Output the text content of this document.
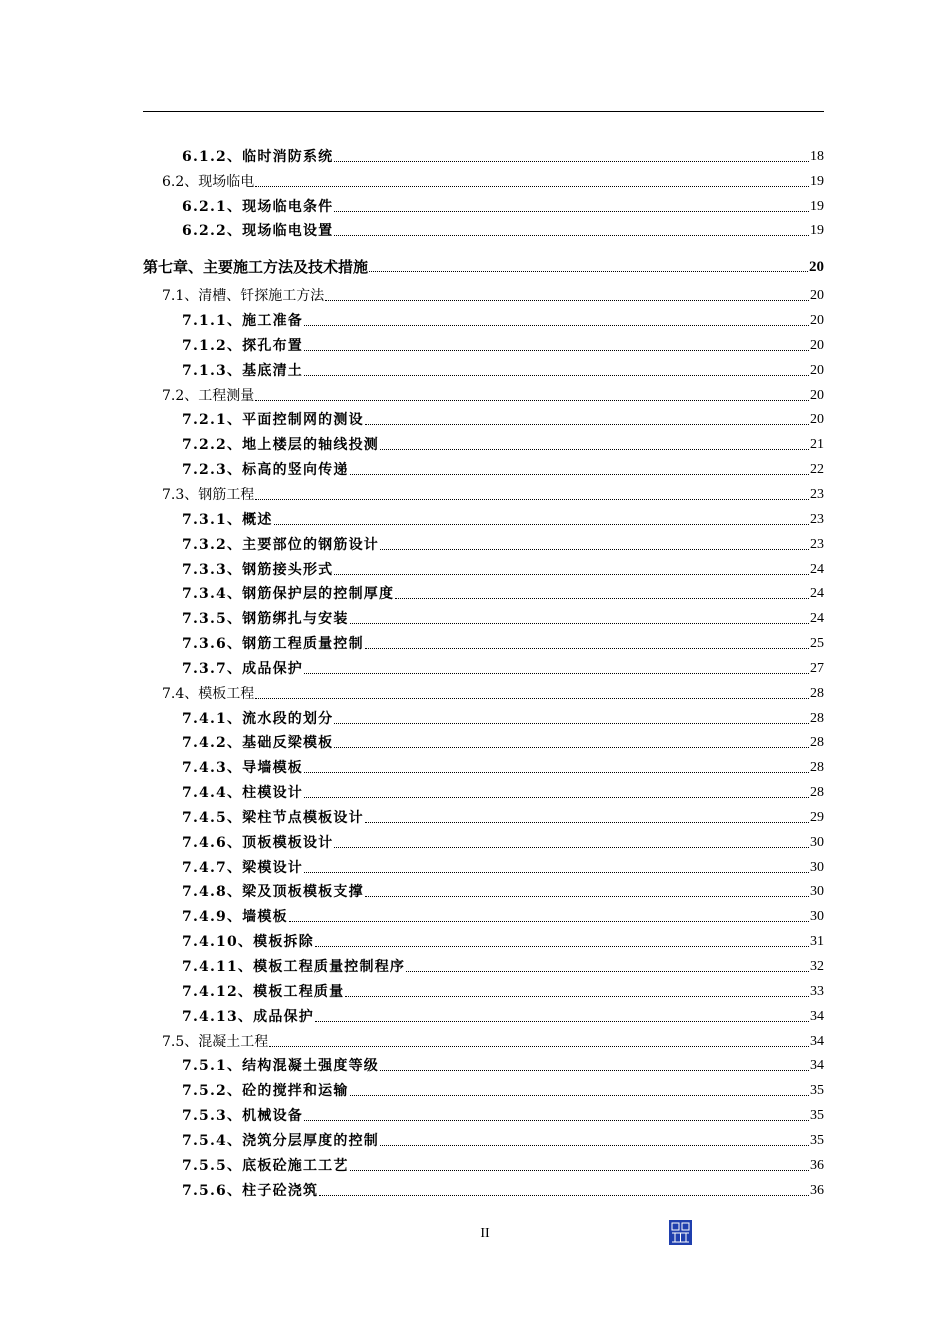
6.1.2、临时消防系统	18
6.2、现场临电	19
6.2.1、现场临电条件	19
6.2.2、现场临电设置	19
第七章、主要施工方法及技术措施	20
7.1、清槽、钎探施工方法	20
7.1.1、施工准备	20
7.1.2、探孔布置	20
7.1.3、基底清土	20
7.2、工程测量	20
7.2.1、平面控制网的测设	20
7.2.2、地上楼层的轴线投测	21
7.2.3、标高的竖向传递	22
7.3、钢筋工程	23
7.3.1、概述	23
7.3.2、主要部位的钢筋设计	23
7.3.3、钢筋接头形式	24
7.3.4、钢筋保护层的控制厚度	24
7.3.5、钢筋绑扎与安装	24
7.3.6、钢筋工程质量控制	25
7.3.7、成品保护	27
7.4、模板工程	28
7.4.1、流水段的划分	28
7.4.2、基础反梁模板	28
7.4.3、导墙模板	28
7.4.4、柱模设计	28
7.4.5、梁柱节点模板设计	29
7.4.6、顶板模板设计	30
7.4.7、梁模设计	30
7.4.8、梁及顶板模板支撑	30
7.4.9、墙模板	30
7.4.10、模板拆除	31
7.4.11、模板工程质量控制程序	32
7.4.12、模板工程质量	33
7.4.13、成品保护	34
7.5、混凝土工程	34
7.5.1、结构混凝土强度等级	34
7.5.2、砼的搅拌和运输	35
7.5.3、机械设备	35
7.5.4、浇筑分层厚度的控制	35
7.5.5、底板砼施工工艺	36
7.5.6、柱子砼浇筑	36
II
